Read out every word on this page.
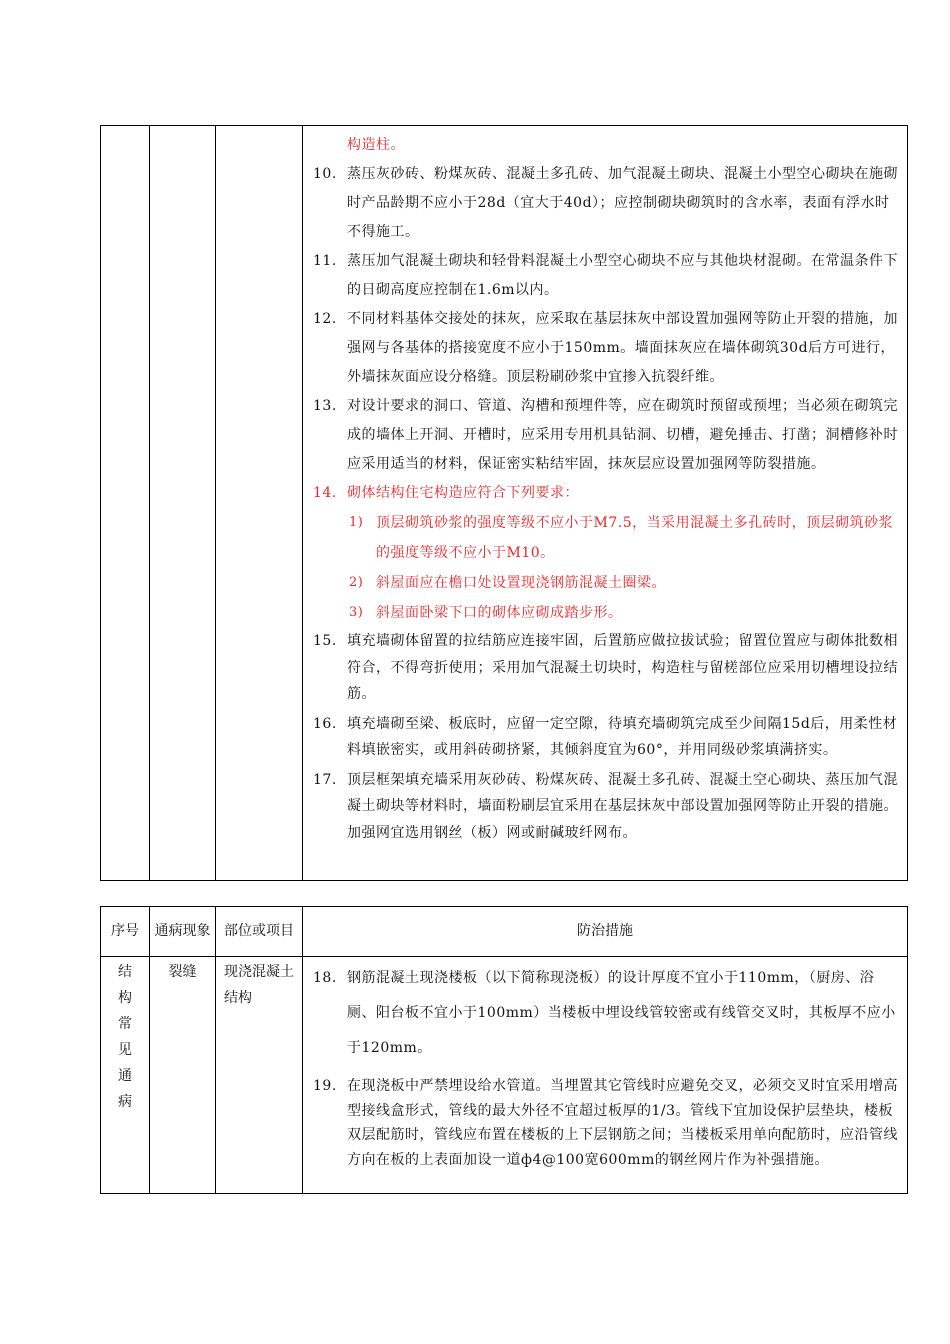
构造柱。
10. 蒸压灰砂砖、粉煤灰砖、混凝土多孔砖、加气混凝土砌块、混凝土小型空心砌块在施砌时产品龄期不应小于28d（宜大于40d）；应控制砌块砌筑时的含水率，表面有浮水时不得施工。
11. 蒸压加气混凝土砌块和轻骨料混凝土小型空心砌块不应与其他块材混砌。在常温条件下的日砌高度应控制在1.6m以内。
12. 不同材料基体交接处的抹灰，应采取在基层抹灰中部设置加强网等防止开裂的措施，加强网与各基体的搭接宽度不应小于150mm。墙面抹灰应在墙体砌筑30d后方可进行，外墙抹灰面应设分格缝。顶层粉刷砂浆中宜掺入抗裂纤维。
13. 对设计要求的洞口、管道、沟槽和预埋件等，应在砌筑时预留或预埋；当必须在砌筑完成的墙体上开洞、开槽时，应采用专用机具钻洞、切槽，避免捶击、打凿；洞槽修补时应采用适当的材料，保证密实粘结牢固，抹灰层应设置加强网等防裂措施。
14. 砌体结构住宅构造应符合下列要求：
1) 顶层砌筑砂浆的强度等级不应小于M7.5，当采用混凝土多孔砖时，顶层砌筑砂浆的强度等级不应小于M10。
2) 斜屋面应在檐口处设置现浇钢筋混凝土圈梁。
3) 斜屋面卧梁下口的砌体应砌成踏步形。
15. 填充墙砌体留置的拉结筋应连接牢固，后置筋应做拉拔试验；留置位置应与砌体批数相符合，不得弯折使用；采用加气混凝土切块时，构造柱与留槎部位应采用切槽埋设拉结筋。
16. 填充墙砌至梁、板底时，应留一定空隙，待填充墙砌筑完成至少间隔15d后，用柔性材料填嵌密实，或用斜砖砌挤紧，其倾斜度宜为60°，并用同级砂浆填满挤实。
17. 顶层框架填充墙采用灰砂砖、粉煤灰砖、混凝土多孔砖、混凝土空心砌块、蒸压加气混凝土砌块等材料时，墙面粉刷层宜采用在基层抹灰中部设置加强网等防止开裂的措施。加强网宜选用钢丝（板）网或耐碱玻纤网布。
序号	通病现象	部位或项目	防治措施

结构常见通病	裂缝	现浇混凝土结构	18. 钢筋混凝土现浇楼板（以下简称现浇板）的设计厚度不宜小于110mm，（厨房、浴厕、阳台板不宜小于100mm）当楼板中埋设线管较密或有线管交叉时，其板厚不应小于120mm。
19. 在现浇板中严禁埋设给水管道。当埋置其它管线时应避免交叉，必须交叉时宜采用增高型接线盒形式，管线的最大外径不宜超过板厚的1/3。管线下宜加设保护层垫块，楼板双层配筋时，管线应布置在楼板的上下层钢筋之间；当楼板采用单向配筋时，应沿管线方向在板的上表面加设一道ф4@100宽600mm的钢丝网片作为补强措施。
